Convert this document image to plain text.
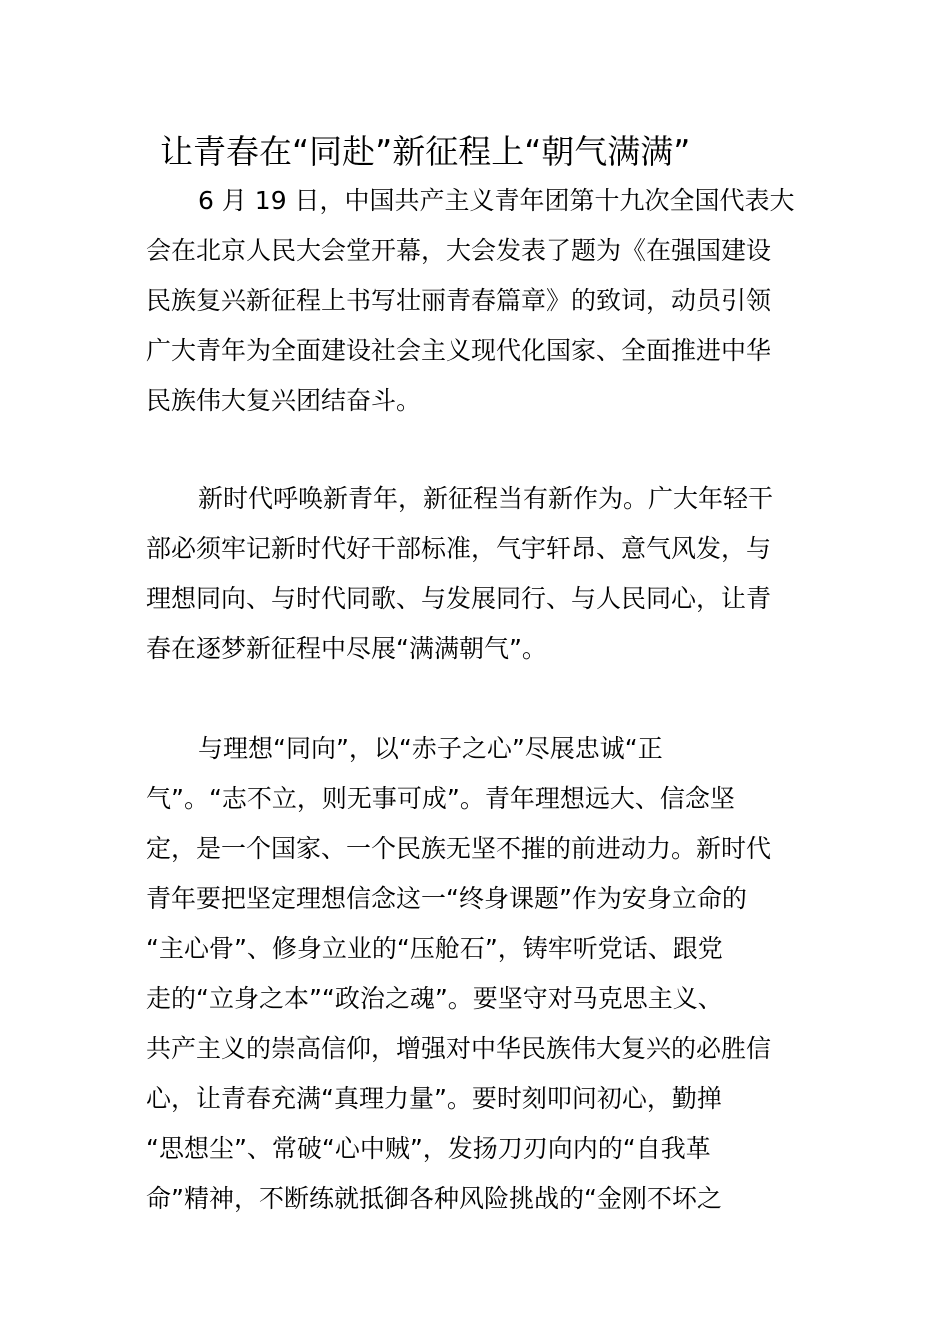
让青春在“同赴”新征程上“朝气满满”
6 月 19 日，中国共产主义青年团第十九次全国代表大
会在北京人民大会堂开幕，大会发表了题为《在强国建设
民族复兴新征程上书写壮丽青春篇章》的致词，动员引领
广大青年为全面建设社会主义现代化国家、全面推进中华
民族伟大复兴团结奋斗。
新时代呼唤新青年，新征程当有新作为。广大年轻干
部必须牢记新时代好干部标准，气宇轩昂、意气风发，与
理想同向、与时代同歌、与发展同行、与人民同心，让青
春在逐梦新征程中尽展“满满朝气”。
与理想“同向”，以“赤子之心”尽展忠诚“正
气”。“志不立，则无事可成”。青年理想远大、信念坚
定，是一个国家、一个民族无坚不摧的前进动力。新时代
青年要把坚定理想信念这一“终身课题”作为安身立命的
“主心骨”、修身立业的“压舱石”，铸牢听党话、跟党
走的“立身之本”“政治之魂”。要坚守对马克思主义、
共产主义的崇高信仰，增强对中华民族伟大复兴的必胜信
心，让青春充满“真理力量”。要时刻叩问初心，勤掸
“思想尘”、常破“心中贼”，发扬刀刃向内的“自我革
命”精神，不断练就抵御各种风险挑战的“金刚不坏之
